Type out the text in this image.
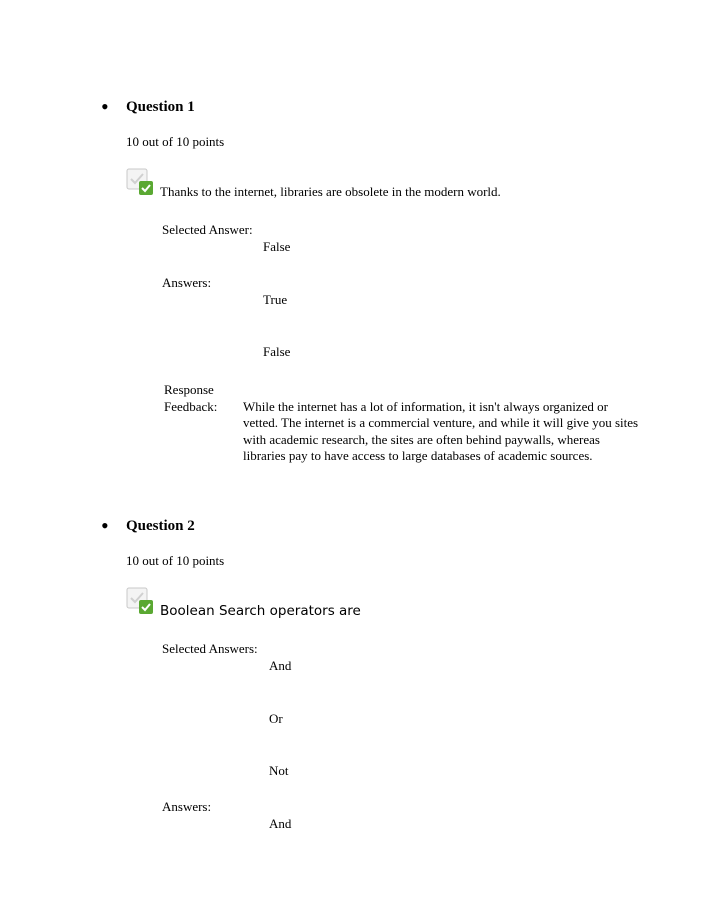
• Question 1
10 out of 10 points
Thanks to the internet, libraries are obsolete in the modern world.
Selected Answer:
False
Answers:
True
False
Response
Feedback: While the internet has a lot of information, it isn't always organized or vetted. The internet is a commercial venture, and while it will give you sites with academic research, the sites are often behind paywalls, whereas libraries pay to have access to large databases of academic sources.
• Question 2
10 out of 10 points
Boolean Search operators are
Selected Answers:
And
Or
Not
Answers:
And
